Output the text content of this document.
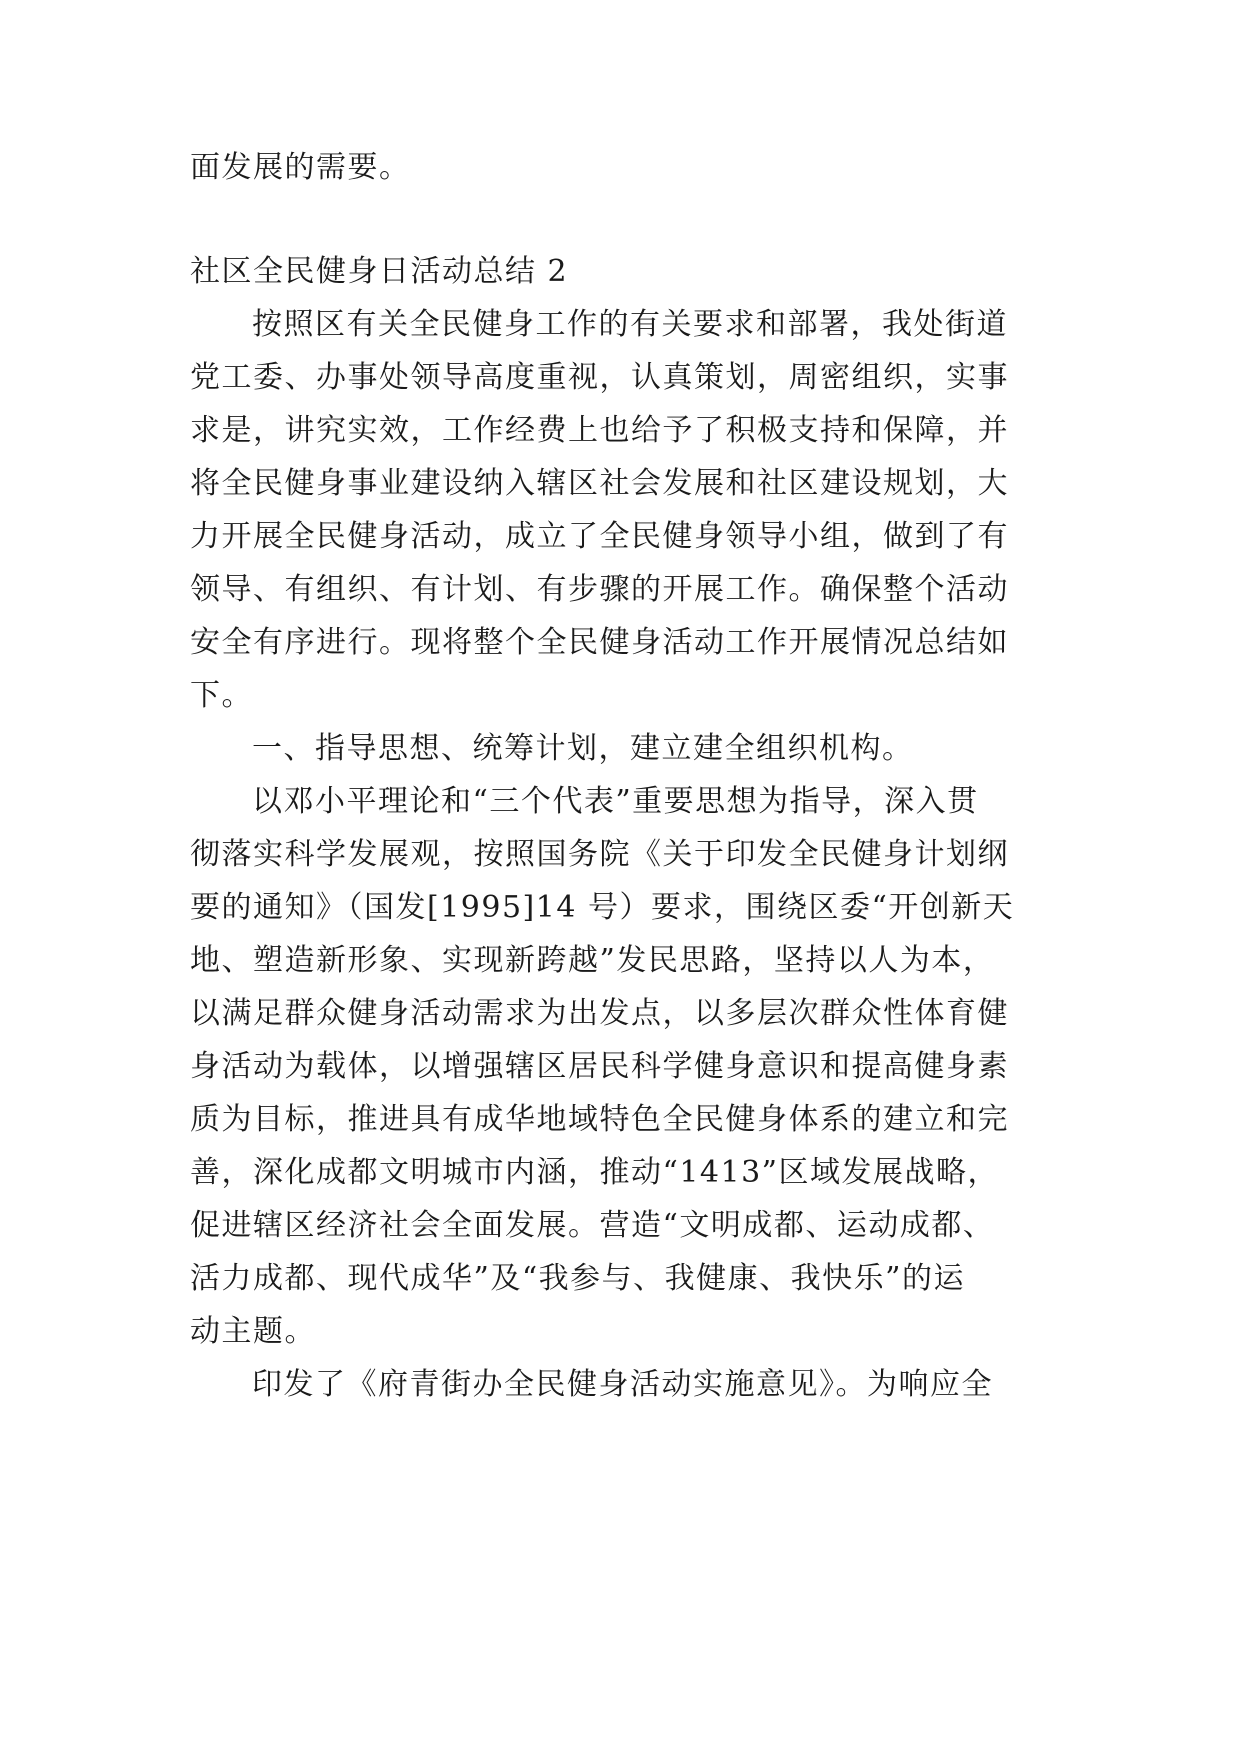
面发展的需要。
社区全民健身日活动总结 2
按照区有关全民健身工作的有关要求和部署，我处街道
党工委、办事处领导高度重视，认真策划，周密组织，实事
求是，讲究实效，工作经费上也给予了积极支持和保障，并
将全民健身事业建设纳入辖区社会发展和社区建设规划，大
力开展全民健身活动，成立了全民健身领导小组，做到了有
领导、有组织、有计划、有步骤的开展工作。确保整个活动
安全有序进行。现将整个全民健身活动工作开展情况总结如
下。
一、指导思想、统筹计划，建立建全组织机构。
以邓小平理论和“三个代表”重要思想为指导，深入贯
彻落实科学发展观，按照国务院《关于印发全民健身计划纲
要的通知》（国发[1995]14 号）要求，围绕区委“开创新天
地、塑造新形象、实现新跨越”发民思路，坚持以人为本，
以满足群众健身活动需求为出发点，以多层次群众性体育健
身活动为载体，以增强辖区居民科学健身意识和提高健身素
质为目标，推进具有成华地域特色全民健身体系的建立和完
善，深化成都文明城市内涵，推动“1413”区域发展战略，
促进辖区经济社会全面发展。营造“文明成都、运动成都、
活力成都、现代成华”及“我参与、我健康、我快乐”的运
动主题。
印发了《府青街办全民健身活动实施意见》。为响应全
